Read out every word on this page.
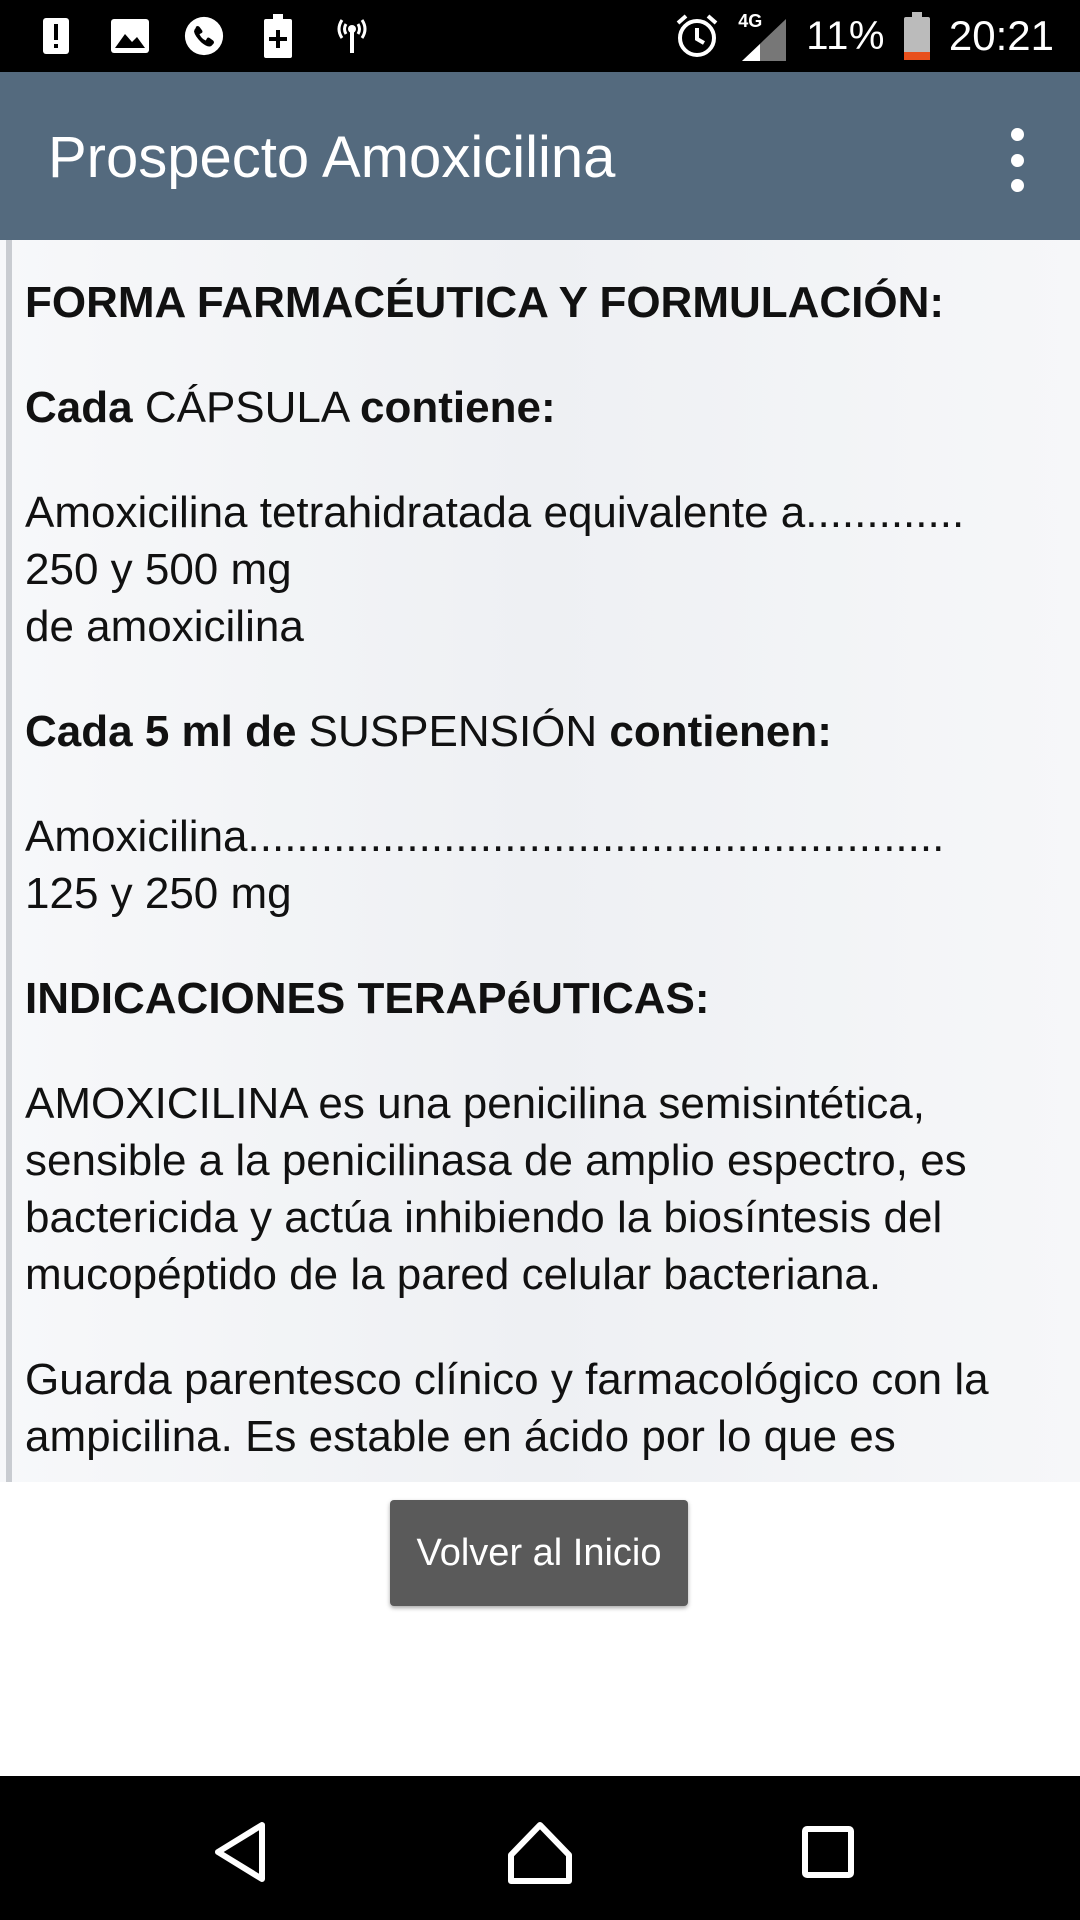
4G 11% 20:21
Prospecto Amoxicilina

FORMA FARMACÉUTICA Y FORMULACIÓN:

Cada CÁPSULA contiene:

Amoxicilina tetrahidratada equivalente a.............
250 y 500 mg
de amoxicilina

Cada 5 ml de SUSPENSIÓN contienen:

Amoxicilina.........................................................
125 y 250 mg

INDICACIONES TERAPéUTICAS:

AMOXICILINA es una penicilina semisintética, sensible a la penicilinasa de amplio espectro, es bactericida y actúa inhibiendo la biosíntesis del mucopéptido de la pared celular bacteriana.

Guarda parentesco clínico y farmacológico con la ampicilina. Es estable en ácido por lo que es

Volver al Inicio
